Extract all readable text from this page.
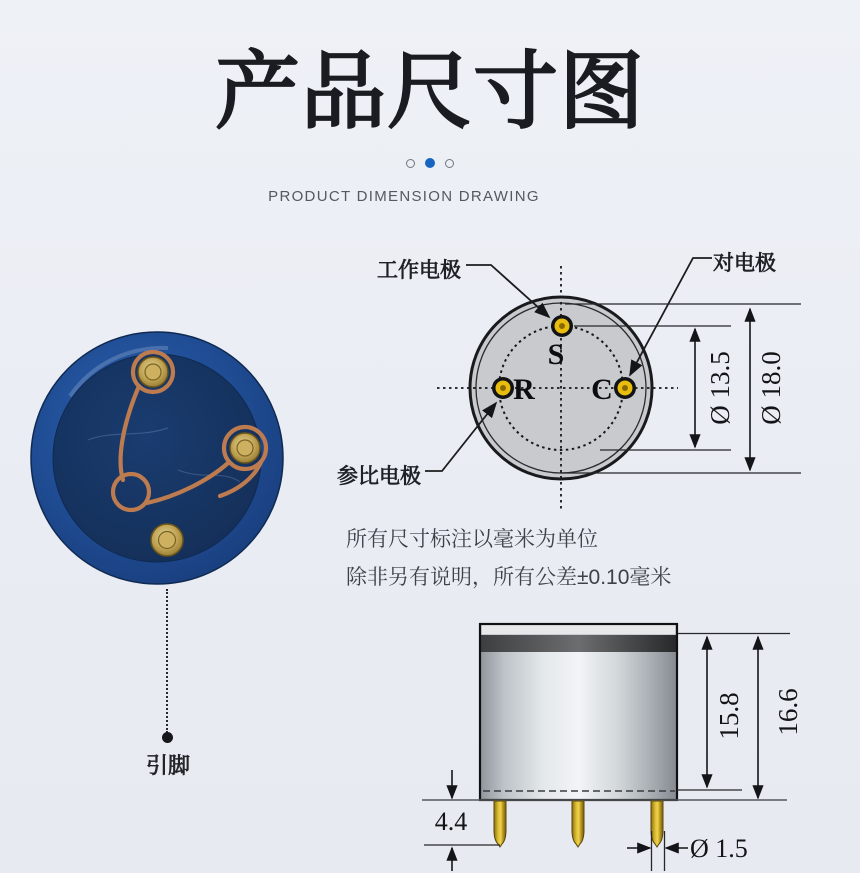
产品尺寸图
PRODUCT DIMENSION DRAWING
引脚
S
R C	Ø 13.5 Ø 18.0
工作电极	对电极
参比电极
所有尺寸标注以毫米为单位
除非另有说明，所有公差±0.10毫米
15.8 16.6
4.4
Ø 1.5
